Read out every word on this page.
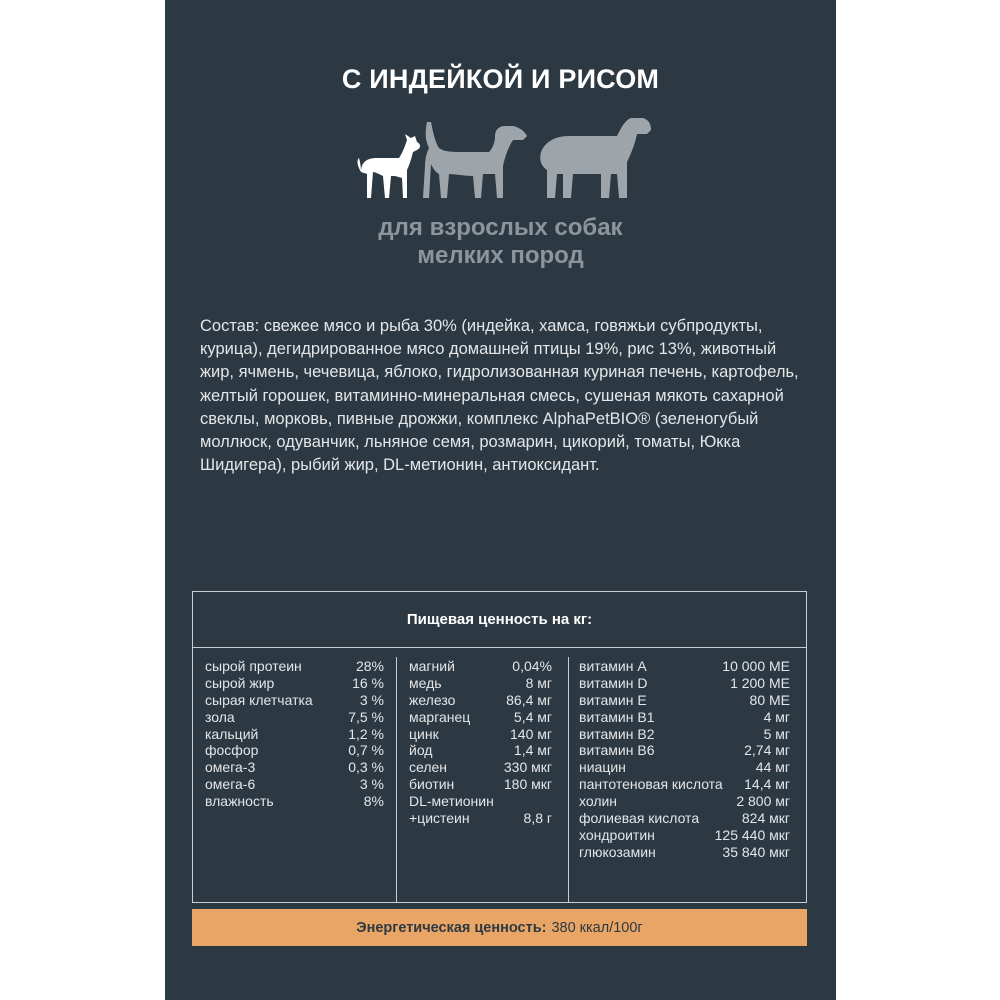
С ИНДЕЙКОЙ И РИСОМ
для взрослых собак
мелких пород
Состав: свежее мясо и рыба 30% (индейка, хамса, говяжьи субпродукты, курица), дегидрированное мясо домашней птицы 19%, рис 13%, животный жир, ячмень, чечевица, яблоко, гидролизованная куриная печень, картофель, желтый горошек, витаминно-минеральная смесь, сушеная мякоть сахарной свеклы, морковь, пивные дрожжи, комплекс AlphaPetBIO® (зеленогубый моллюск, одуванчик, льняное семя, розмарин, цикорий, томаты, Юкка Шидигера), рыбий жир, DL-метионин, антиоксидант.
Пищевая ценность на кг:
сырой протеин	28%
сырой жир	16 %
сырая клетчатка	3 %
зола	7,5 %
кальций	1,2 %
фосфор	0,7 %
омега-3	0,3 %
омега-6	3 %
влажность	8%
магний	0,04%
медь	8 мг
железо	86,4 мг
марганец	5,4 мг
цинк	140 мг
йод	1,4 мг
селен	330 мкг
биотин	180 мкг
DL-метионин
+цистеин	8,8 г
витамин А	10 000 МЕ
витамин D	1 200 МЕ
витамин Е	80 МЕ
витамин В1	4 мг
витамин В2	5 мг
витамин В6	2,74 мг
ниацин	44 мг
пантотеновая кислота 14,4 мг
холин	2 800 мг
фолиевая кислота	824 мкг
хондроитин	125 440 мкг
глюкозамин	35 840 мкг
Энергетическая ценность: 380 ккал/100г
